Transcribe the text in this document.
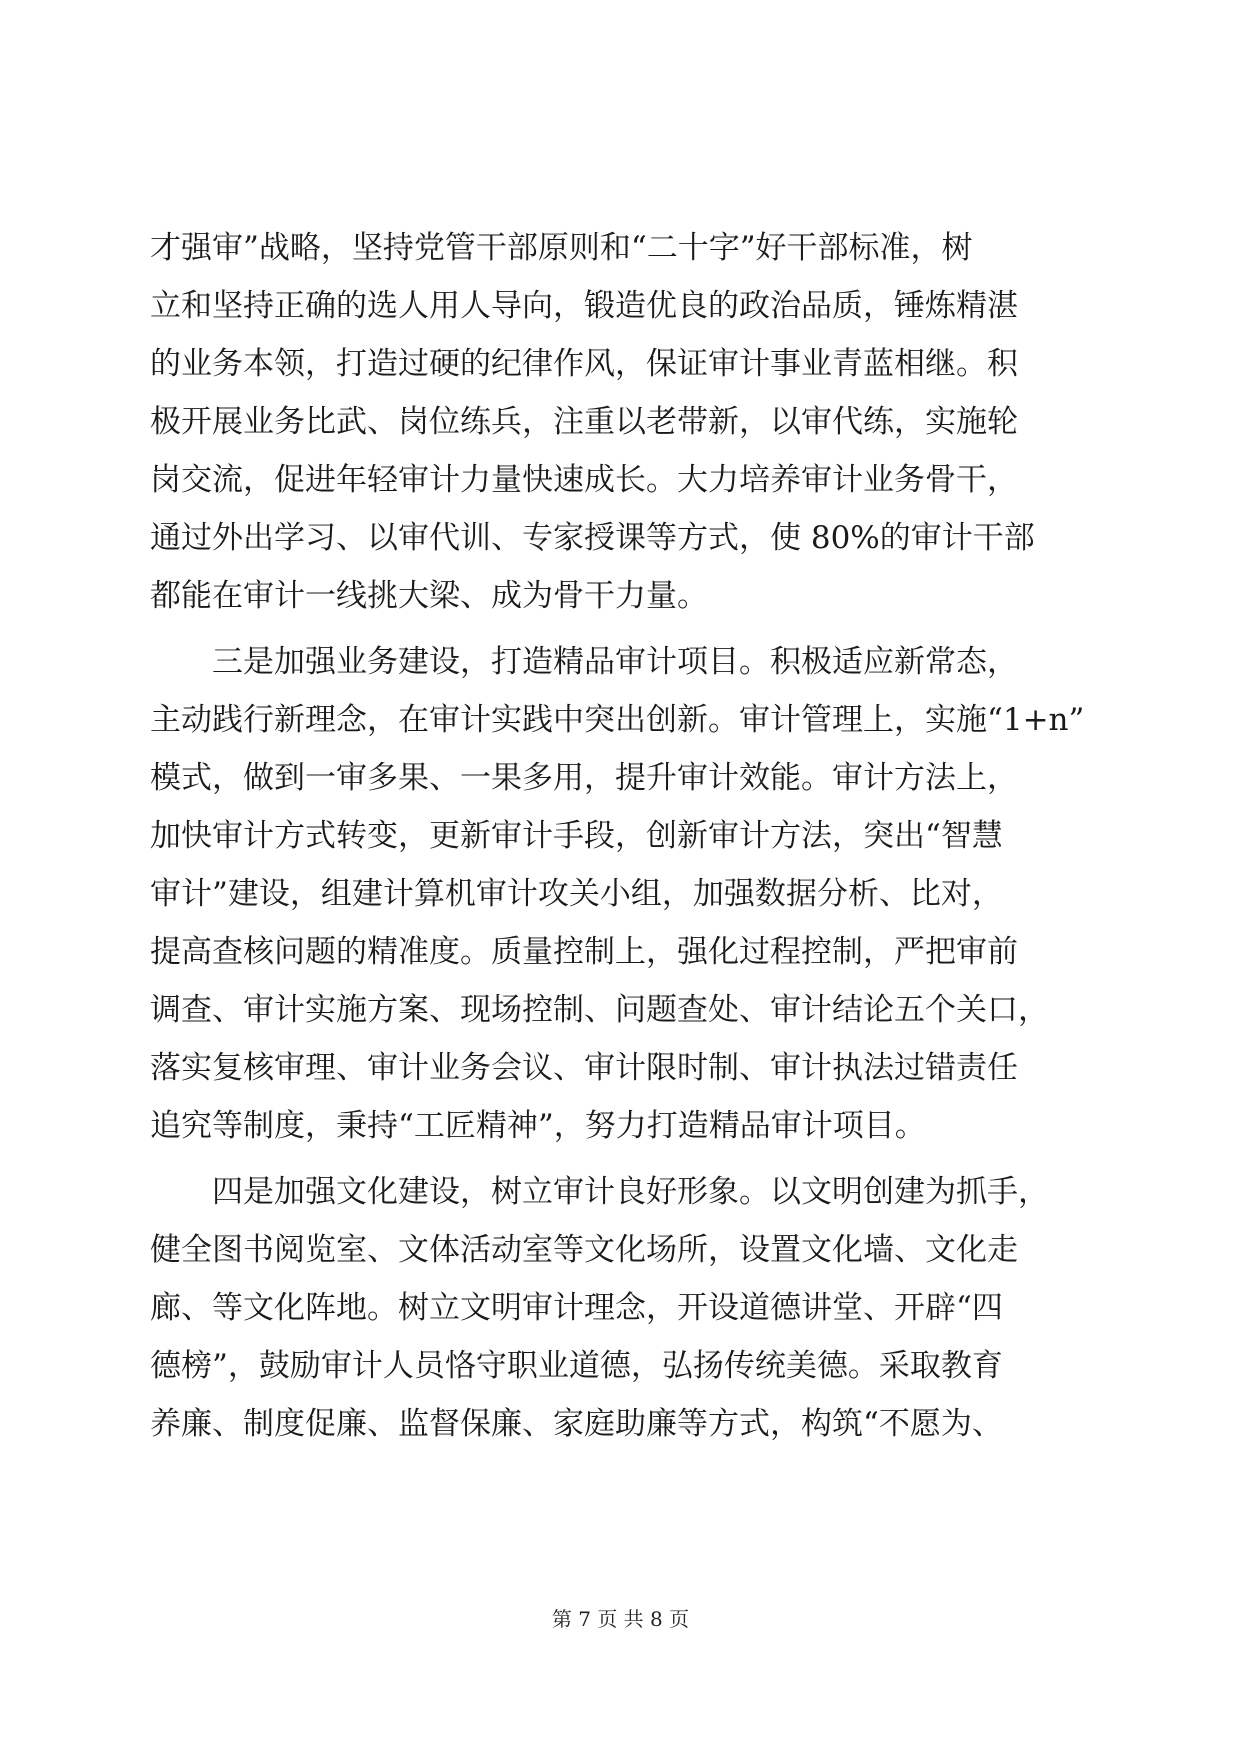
才强审”战略，坚持党管干部原则和“二十字”好干部标准，树
立和坚持正确的选人用人导向，锻造优良的政治品质，锤炼精湛
的业务本领，打造过硬的纪律作风，保证审计事业青蓝相继。积
极开展业务比武、岗位练兵，注重以老带新，以审代练，实施轮
岗交流，促进年轻审计力量快速成长。大力培养审计业务骨干，
通过外出学习、以审代训、专家授课等方式，使 80%的审计干部
都能在审计一线挑大梁、成为骨干力量。
三是加强业务建设，打造精品审计项目。积极适应新常态，
主动践行新理念，在审计实践中突出创新。审计管理上，实施“1+n”
模式，做到一审多果、一果多用，提升审计效能。审计方法上，
加快审计方式转变，更新审计手段，创新审计方法，突出“智慧
审计”建设，组建计算机审计攻关小组，加强数据分析、比对，
提高查核问题的精准度。质量控制上，强化过程控制，严把审前
调查、审计实施方案、现场控制、问题查处、审计结论五个关口，
落实复核审理、审计业务会议、审计限时制、审计执法过错责任
追究等制度，秉持“工匠精神”，努力打造精品审计项目。
四是加强文化建设，树立审计良好形象。以文明创建为抓手，
健全图书阅览室、文体活动室等文化场所，设置文化墙、文化走
廊、等文化阵地。树立文明审计理念，开设道德讲堂、开辟“四
德榜”，鼓励审计人员恪守职业道德，弘扬传统美德。采取教育
养廉、制度促廉、监督保廉、家庭助廉等方式，构筑“不愿为、
第 7 页 共 8 页
